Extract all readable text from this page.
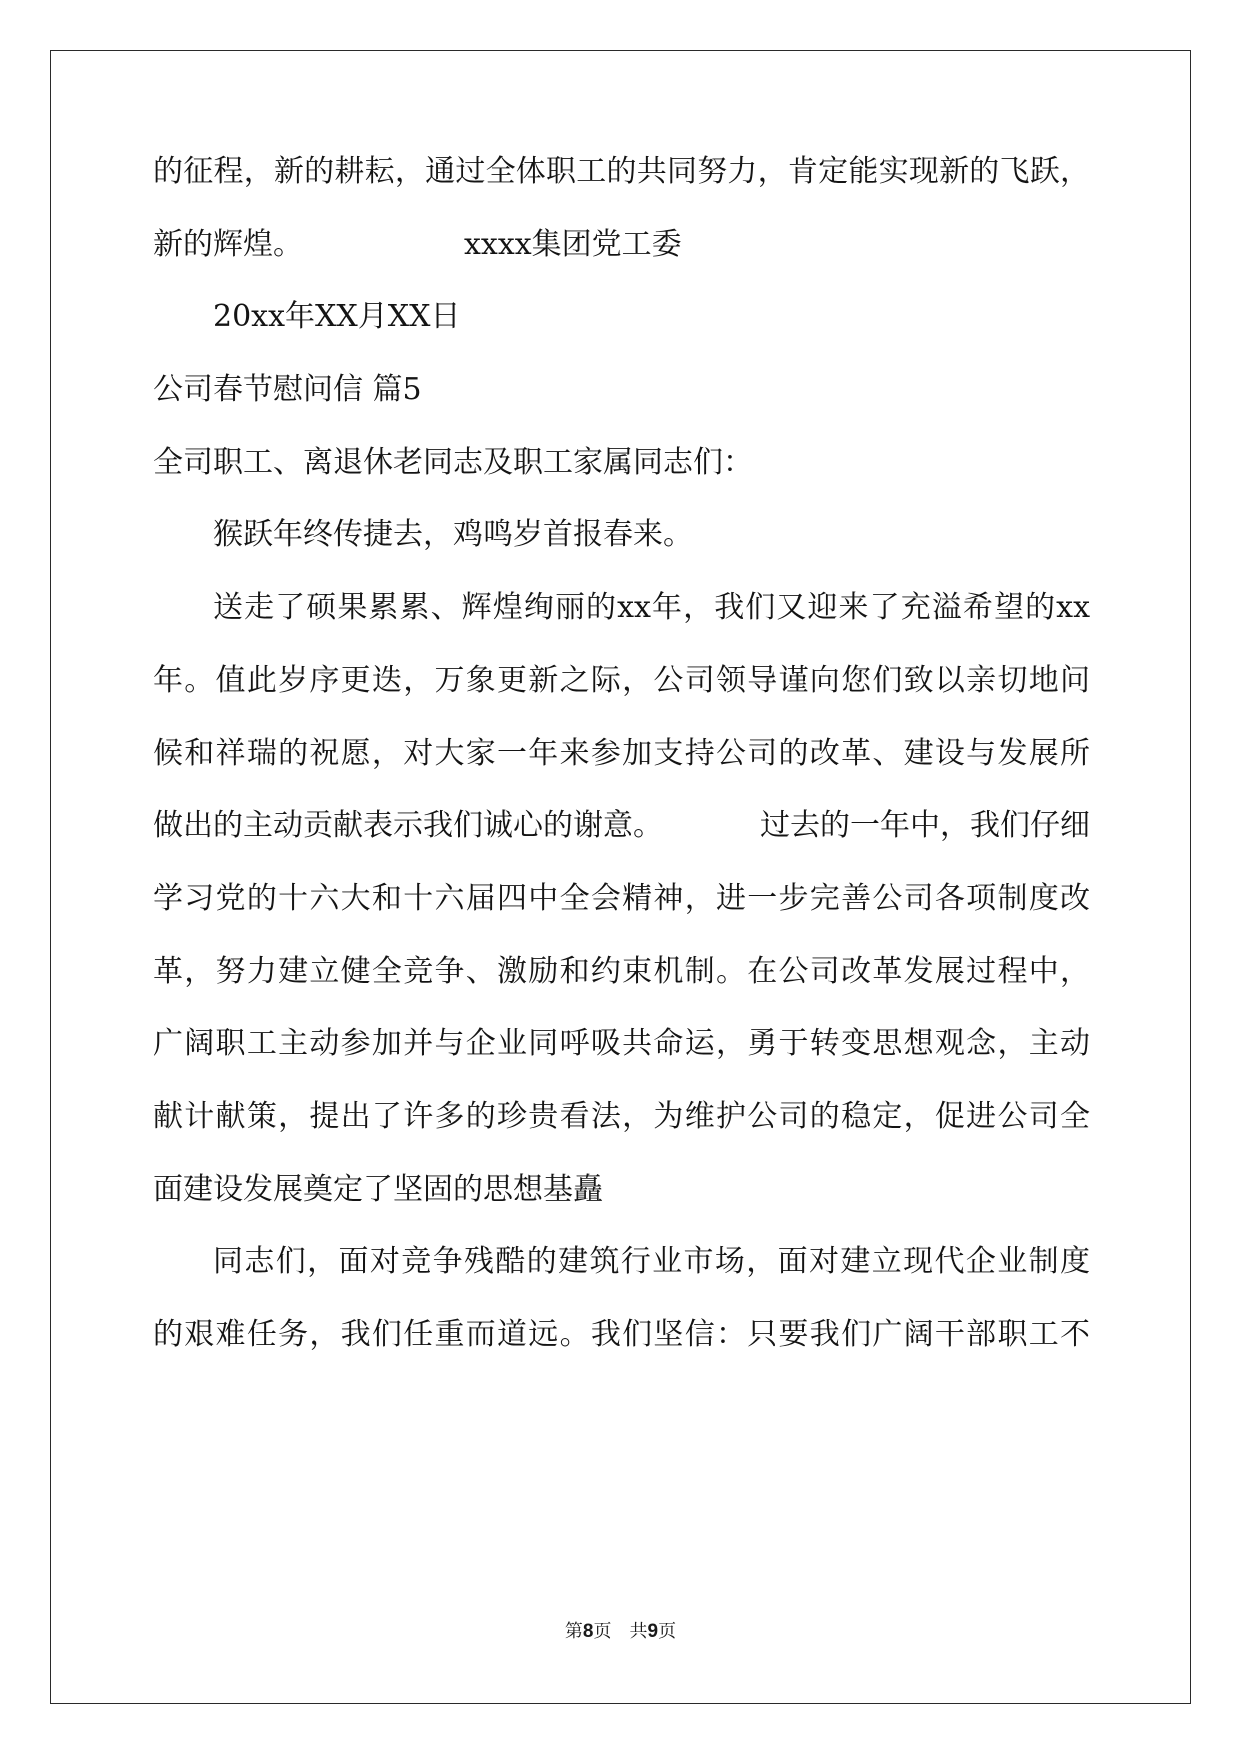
的征程，新的耕耘，通过全体职工的共同努力，肯定能实现新的飞跃，
新的辉煌。	xxxx集团党工委
20xx年XX月XX日
公司春节慰问信 篇5
全司职工、离退休老同志及职工家属同志们：
猴跃年终传捷去，鸡鸣岁首报春来。
送走了硕果累累、辉煌绚丽的xx年，我们又迎来了充溢希望的xx
年。值此岁序更迭，万象更新之际，公司领导谨向您们致以亲切地问
候和祥瑞的祝愿，对大家一年来参加支持公司的改革、建设与发展所
做出的主动贡献表示我们诚心的谢意。	过去的一年中，我们仔细
学习党的十六大和十六届四中全会精神，进一步完善公司各项制度改
革，努力建立健全竞争、激励和约束机制。在公司改革发展过程中，
广阔职工主动参加并与企业同呼吸共命运，勇于转变思想观念，主动
献计献策，提出了许多的珍贵看法，为维护公司的稳定，促进公司全
面建设发展奠定了坚固的思想基矗
同志们，面对竞争残酷的建筑行业市场，面对建立现代企业制度
的艰难任务，我们任重而道远。我们坚信：只要我们广阔干部职工不
第8页 共9页
